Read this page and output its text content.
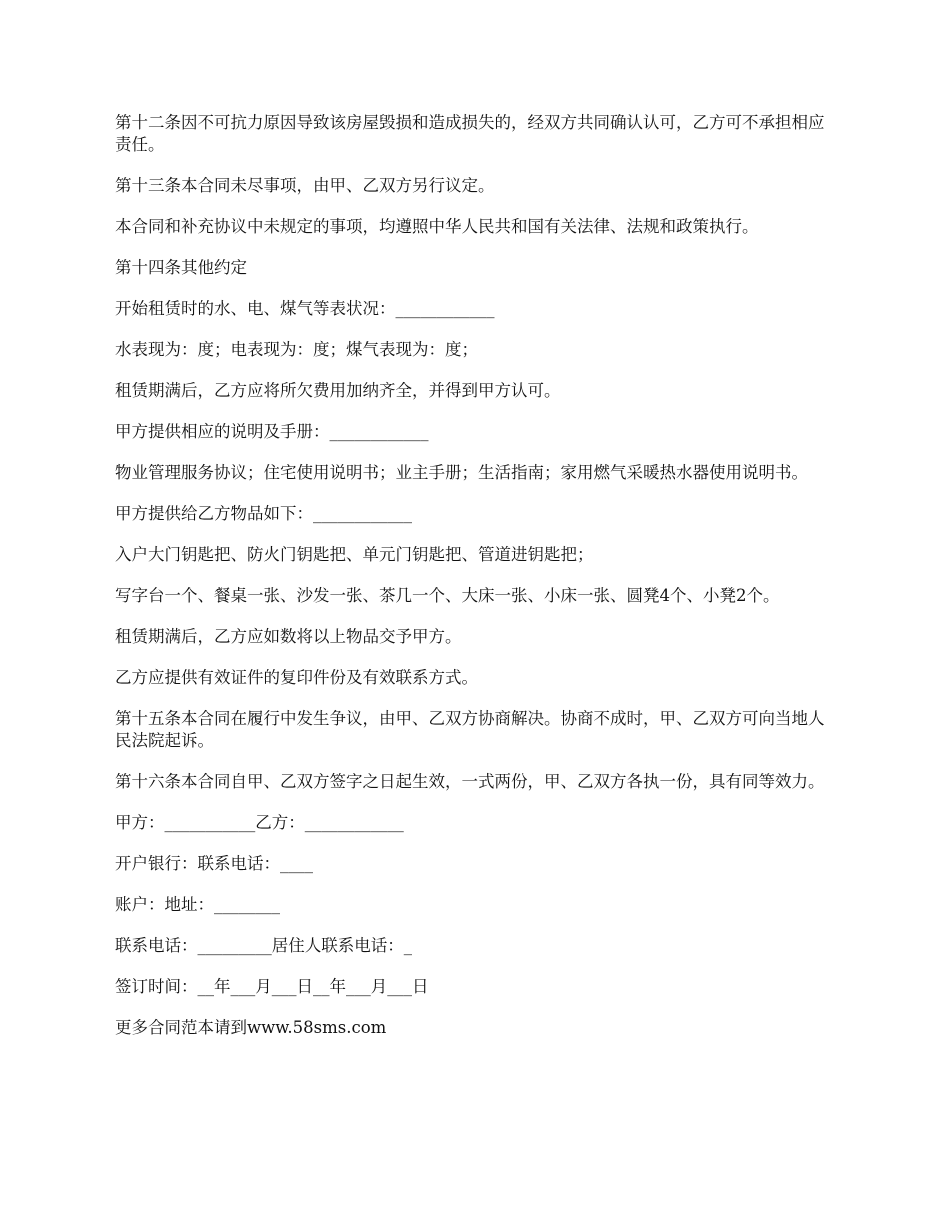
第十二条因不可抗力原因导致该房屋毁损和造成损失的，经双方共同确认认可，乙方可不承担相应责任。

第十三条本合同未尽事项，由甲、乙双方另行议定。

本合同和补充协议中未规定的事项，均遵照中华人民共和国有关法律、法规和政策执行。

第十四条其他约定

开始租赁时的水、电、煤气等表状况：____________

水表现为：度；电表现为：度；煤气表现为：度；

租赁期满后，乙方应将所欠费用加纳齐全，并得到甲方认可。

甲方提供相应的说明及手册：____________

物业管理服务协议；住宅使用说明书；业主手册；生活指南；家用燃气采暖热水器使用说明书。

甲方提供给乙方物品如下：____________

入户大门钥匙把、防火门钥匙把、单元门钥匙把、管道进钥匙把；

写字台一个、餐桌一张、沙发一张、茶几一个、大床一张、小床一张、圆凳4个、小凳2个。

租赁期满后，乙方应如数将以上物品交予甲方。

乙方应提供有效证件的复印件份及有效联系方式。

第十五条本合同在履行中发生争议，由甲、乙双方协商解决。协商不成时，甲、乙双方可向当地人民法院起诉。

第十六条本合同自甲、乙双方签字之日起生效，一式两份，甲、乙双方各执一份，具有同等效力。

甲方：___________乙方：____________

开户银行：联系电话：____

账户：地址：________

联系电话：_________居住人联系电话：_

签订时间：__年___月___日__年___月___日

更多合同范本请到www.58sms.com
